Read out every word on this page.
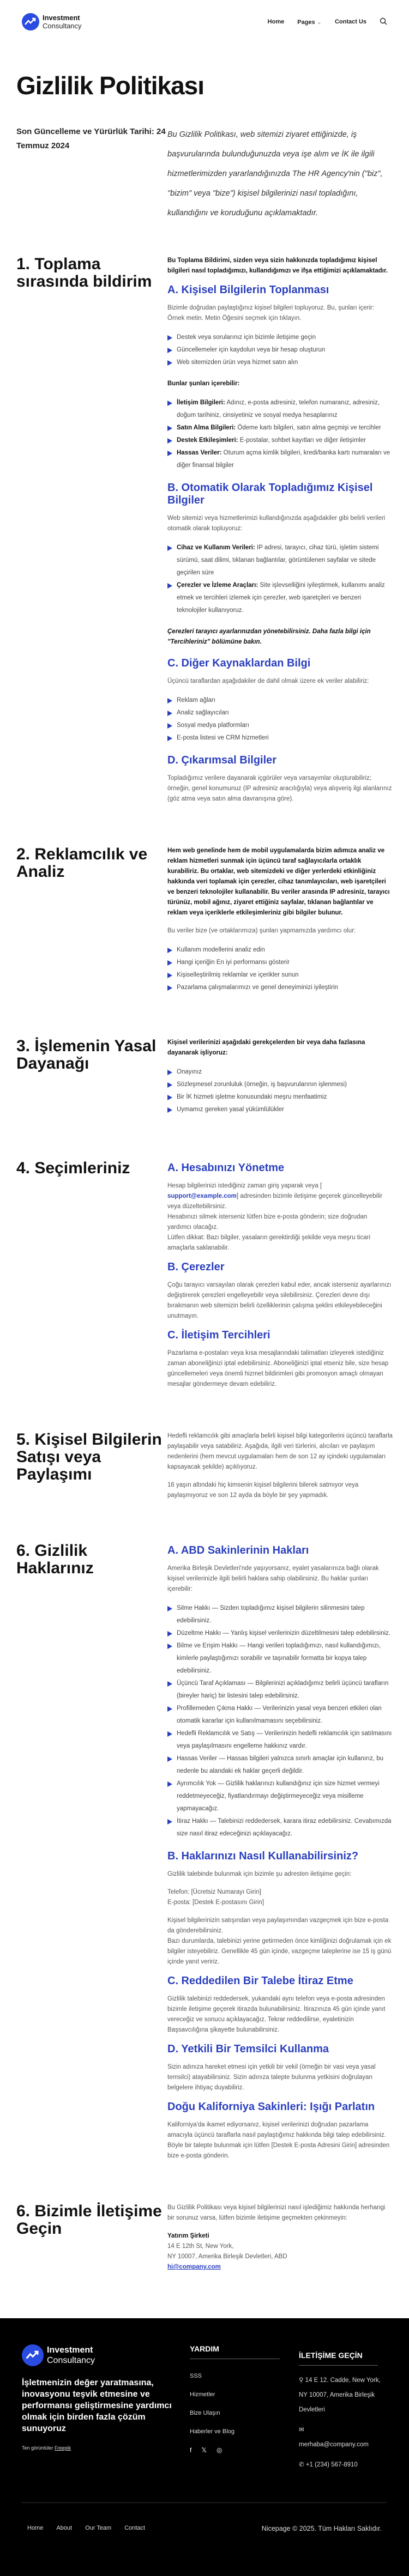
Investment
Consultancy	Home Pages ⌄ Contact Us
Gizlilik Politikası
Son Güncelleme ve Yürürlük Tarihi: 24 Temmuz 2024
Bu Gizlilik Politikası, web sitemizi ziyaret ettiğinizde, iş başvurularında bulunduğunuzda veya işe alım ve İK ile ilgili hizmetlerimizden yararlandığınızda The HR Agency'nin ("biz", "bizim" veya "bize") kişisel bilgilerinizi nasıl topladığını, kullandığını ve koruduğunu açıklamaktadır.
1. Toplama sırasında bildirim

Bu Toplama Bildirimi, sizden veya sizin hakkınızda topladığımız kişisel bilgileri nasıl topladığımızı, kullandığımızı ve ifşa ettiğimizi açıklamaktadır.

A. Kişisel Bilgilerin Toplanması

Bizimle doğrudan paylaştığınız kişisel bilgileri topluyoruz. Bu, şunları içerir: Örnek metin. Metin Öğesini seçmek için tıklayın.

Destek veya sorularınız için bizimle iletişime geçin
Güncellemeler için kaydolun veya bir hesap oluşturun
Web sitemizden ürün veya hizmet satın alın

Bunlar şunları içerebilir:

İletişim Bilgileri: Adınız, e-posta adresiniz, telefon numaranız, adresiniz, doğum tarihiniz, cinsiyetiniz ve sosyal medya hesaplarınız
Satın Alma Bilgileri: Ödeme kartı bilgileri, satın alma geçmişi ve tercihler
Destek Etkileşimleri: E-postalar, sohbet kayıtları ve diğer iletişimler
Hassas Veriler: Oturum açma kimlik bilgileri, kredi/banka kartı numaraları ve diğer finansal bilgiler
B. Otomatik Olarak Topladığımız Kişisel Bilgiler

Web sitemizi veya hizmetlerimizi kullandığınızda aşağıdakiler gibi belirli verileri otomatik olarak topluyoruz:

Cihaz ve Kullanım Verileri: IP adresi, tarayıcı, cihaz türü, işletim sistemi sürümü, saat dilimi, tıklanan bağlantılar, görüntülenen sayfalar ve sitede geçirilen süre
Çerezler ve İzleme Araçları: Site işlevselliğini iyileştirmek, kullanımı analiz etmek ve tercihleri izlemek için çerezler, web işaretçileri ve benzeri teknolojiler kullanıyoruz.

Çerezleri tarayıcı ayarlarınızdan yönetebilirsiniz. Daha fazla bilgi için "Tercihleriniz" bölümüne bakın.

C. Diğer Kaynaklardan Bilgi

Üçüncü taraflardan aşağıdakiler de dahil olmak üzere ek veriler alabiliriz:

Reklam ağları
Analiz sağlayıcıları
Sosyal medya platformları
E-posta listesi ve CRM hizmetleri
D. Çıkarımsal Bilgiler

Topladığımız verilere dayanarak içgörüler veya varsayımlar oluşturabiliriz; örneğin, genel konumunuz (IP adresiniz aracılığıyla) veya alışveriş ilgi alanlarınız (göz atma veya satın alma davranışına göre).

2. Reklamcılık ve Analiz

Hem web genelinde hem de mobil uygulamalarda bizim adımıza analiz ve reklam hizmetleri sunmak için üçüncü taraf sağlayıcılarla ortaklık kurabiliriz. Bu ortaklar, web sitemizdeki ve diğer yerlerdeki etkinliğiniz hakkında veri toplamak için çerezler, cihaz tanımlayıcıları, web işaretçileri ve benzeri teknolojiler kullanabilir. Bu veriler arasında IP adresiniz, tarayıcı türünüz, mobil ağınız, ziyaret ettiğiniz sayfalar, tıklanan bağlantılar ve reklam veya içeriklerle etkileşimleriniz gibi bilgiler bulunur.

Bu veriler bize (ve ortaklarımıza) şunları yapmamızda yardımcı olur:

Kullanım modellerini analiz edin
Hangi içeriğin En iyi performansı gösterir
Kişiselleştirilmiş reklamlar ve içerikler sunun
Pazarlama çalışmalarımızı ve genel deneyiminizi iyileştirin
3. İşlemenin Yasal Dayanağı

Kişisel verilerinizi aşağıdaki gerekçelerden bir veya daha fazlasına dayanarak işliyoruz:

Onayınız
Sözleşmesel zorunluluk (örneğin, iş başvurularının işlenmesi)
Bir İK hizmeti işletme konusundaki meşru menfaatimiz
Uymamız gereken yasal yükümlülükler
4. Seçimleriniz	A. Hesabınızı Yönetme
Hesap bilgilerinizi istediğiniz zaman giriş yaparak veya [ support@example.com] adresinden bizimle iletişime geçerek güncelleyebilir veya düzeltebilirsiniz.
Hesabınızı silmek isterseniz lütfen bize e-posta gönderin; size doğrudan yardımcı olacağız.
Lütfen dikkat: Bazı bilgiler, yasaların gerektirdiği şekilde veya meşru ticari amaçlarla saklanabilir.
B. Çerezler

Çoğu tarayıcı varsayılan olarak çerezleri kabul eder, ancak isterseniz ayarlarınızı değiştirerek çerezleri engelleyebilir veya silebilirsiniz. Çerezleri devre dışı bırakmanın web sitemizin belirli özelliklerinin çalışma şeklini etkileyebileceğini unutmayın.

C. İletişim Tercihleri

Pazarlama e-postaları veya kısa mesajlarındaki talimatları izleyerek istediğiniz zaman aboneliğinizi iptal edebilirsiniz. Aboneliğinizi iptal etseniz bile, size hesap güncellemeleri veya önemli hizmet bildirimleri gibi promosyon amaçlı olmayan mesajlar göndermeye devam edebiliriz.

5. Kişisel Bilgilerin Satışı veya Paylaşımı

Hedefli reklamcılık gibi amaçlarla belirli kişisel bilgi kategorilerini üçüncü taraflarla paylaşabilir veya satabiliriz. Aşağıda, ilgili veri türlerini, alıcıları ve paylaşım nedenlerini (hem mevcut uygulamaları hem de son 12 ay içindeki uygulamaları kapsayacak şekilde) açıklıyoruz.

16 yaşın altındaki hiç kimsenin kişisel bilgilerini bilerek satmıyor veya paylaşmıyoruz ve son 12 ayda da böyle bir şey yapmadık.

6. Gizlilik Haklarınız
A. ABD Sakinlerinin Hakları

Amerika Birleşik Devletleri'nde yaşıyorsanız, eyalet yasalarınıza bağlı olarak kişisel verilerinizle ilgili belirli haklara sahip olabilirsiniz. Bu haklar şunları içerebilir:

Silme Hakkı — Sizden topladığımız kişisel bilgilerin silinmesini talep edebilirsiniz.
Düzeltme Hakkı — Yanlış kişisel verilerinizin düzeltilmesini talep edebilirsiniz.
Bilme ve Erişim Hakkı — Hangi verileri topladığımızı, nasıl kullandığımızı, kimlerle paylaştığımızı sorabilir ve taşınabilir formatta bir kopya talep edebilirsiniz.
Üçüncü Taraf Açıklaması — Bilgilerinizi açıkladığımız belirli üçüncü tarafların (bireyler hariç) bir listesini talep edebilirsiniz.
Profillemeden Çıkma Hakkı — Verilerinizin yasal veya benzeri etkileri olan otomatik kararlar için kullanılmamasını seçebilirsiniz.
Hedefli Reklamcılık ve Satış — Verilerinizin hedefli reklamcılık için satılmasını veya paylaşılmasını engelleme hakkınız vardır.
Hassas Veriler — Hassas bilgileri yalnızca sınırlı amaçlar için kullanırız, bu nedenle bu alandaki ek haklar geçerli değildir.
Ayrımcılık Yok — Gizlilik haklarınızı kullandığınız için size hizmet vermeyi reddetmeyeceğiz, fiyatlandırmayı değiştirmeyeceğiz veya misilleme yapmayacağız.
İtiraz Hakkı — Talebinizi reddedersek, karara itiraz edebilirsiniz. Cevabımızda size nasıl itiraz edeceğinizi açıklayacağız.
B. Haklarınızı Nasıl Kullanabilirsiniz?

Gizlilik talebinde bulunmak için bizimle şu adresten iletişime geçin:

Telefon: [Ücretsiz Numarayı Girin]
E-posta: [Destek E-postasını Girin]
Kişisel bilgilerinizin satışından veya paylaşımından vazgeçmek için bize e-posta da gönderebilirsiniz.
Bazı durumlarda, talebinizi yerine getirmeden önce kimliğinizi doğrulamak için ek bilgiler isteyebiliriz. Genellikle 45 gün içinde, vazgeçme taleplerine ise 15 iş günü içinde yanıt veririz.
C. Reddedilen Bir Talebe İtiraz Etme

Gizlilik talebinizi reddedersek, yukarıdaki aynı telefon veya e-posta adresinden bizimle iletişime geçerek itirazda bulunabilirsiniz. İtirazınıza 45 gün içinde yanıt vereceğiz ve sonucu açıklayacağız. Tekrar reddedilirse, eyaletinizin Başsavcılığına şikayette bulunabilirsiniz.

D. Yetkili Bir Temsilci Kullanma

Sizin adınıza hareket etmesi için yetkili bir vekil (örneğin bir vasi veya yasal temsilci) atayabilirsiniz. Sizin adınıza talepte bulunma yetkisini doğrulayan belgelere ihtiyaç duyabiliriz.

Doğu Kaliforniya Sakinleri: Işığı Parlatın

Kaliforniya'da ikamet ediyorsanız, kişisel verilerinizi doğrudan pazarlama amacıyla üçüncü taraflarla nasıl paylaştığımız hakkında bilgi talep edebilirsiniz. Böyle bir talepte bulunmak için lütfen [Destek E-posta Adresini Girin] adresinden bize e-posta gönderin.

6. Bizimle İletişime Geçin

Bu Gizlilik Politikası veya kişisel bilgilerinizi nasıl işlediğimiz hakkında herhangi bir sorunuz varsa, lütfen bizimle iletişime geçmekten çekinmeyin:

Yatırım Şirketi
14 E 12th St, New York,
NY 10007, Amerika Birleşik Devletleri, ABD
hi@company.com
Investment
Consultancy
İşletmenizin değer yaratmasına, inovasyonu teşvik etmesine ve performansı geliştirmesine yardımcı olmak için birden fazla çözüm sunuyoruz
Ten görüntüler Freepik
YARDIM
SSS
Hizmetler
Bize Ulaşın
Haberler ve Blog
f 𝕏 ◎
İLETİŞİME GEÇİN
⚲ 14 E 12. Cadde, New York, NY 10007, Amerika Birleşik Devletleri
✉
merhaba@company.com
✆ +1 (234) 567-8910
Home About Our Team Contact	Nicepage © 2025. Tüm Hakları Saklıdır.
